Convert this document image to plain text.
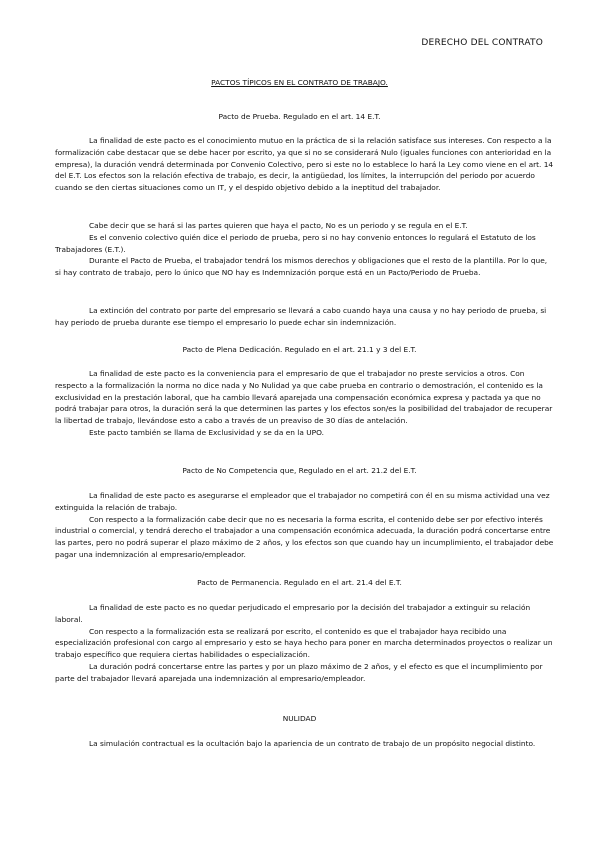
DERECHO DEL CONTRATO
PACTOS TÍPICOS EN EL CONTRATO DE TRABAJO.
Pacto de Prueba. Regulado en el art. 14 E.T.

La finalidad de este pacto es el conocimiento mutuo en la práctica de si la relación satisface sus intereses. Con respecto a la formalización cabe destacar que se debe hacer por escrito, ya que si no se considerará Nulo (iguales funciones con anterioridad en la empresa), la duración vendrá determinada por Convenio Colectivo, pero si este no lo establece lo hará la Ley como viene en el art. 14 del E.T. Los efectos son la relación efectiva de trabajo, es decir, la antigüedad, los límites, la interrupción del periodo por acuerdo cuando se den ciertas situaciones como un IT, y el despido objetivo debido a la ineptitud del trabajador.

Cabe decir que se hará si las partes quieren que haya el pacto, No es un periodo y se regula en el E.T.

Es el convenio colectivo quién dice el periodo de prueba, pero si no hay convenio entonces lo regulará el Estatuto de los Trabajadores (E.T.).

Durante el Pacto de Prueba, el trabajador tendrá los mismos derechos y obligaciones que el resto de la plantilla. Por lo que, si hay contrato de trabajo, pero lo único que NO hay es Indemnización porque está en un Pacto/Periodo de Prueba.

La extinción del contrato por parte del empresario se llevará a cabo cuando haya una causa y no hay periodo de prueba, si hay periodo de prueba durante ese tiempo el empresario lo puede echar sin indemnización.

Pacto de Plena Dedicación. Regulado en el art. 21.1 y 3 del E.T.

La finalidad de este pacto es la conveniencia para el empresario de que el trabajador no preste servicios a otros. Con respecto a la formalización la norma no dice nada y No Nulidad ya que cabe prueba en contrario o demostración, el contenido es la exclusividad en la prestación laboral, que ha cambio llevará aparejada una compensación económica expresa y pactada ya que no podrá trabajar para otros, la duración será la que determinen las partes y los efectos son/es la posibilidad del trabajador de recuperar la libertad de trabajo, llevándose esto a cabo a través de un preaviso de 30 días de antelación.

Este pacto también se llama de Exclusividad y se da en la UPO.

Pacto de No Competencia que, Regulado en el art. 21.2 del E.T.

La finalidad de este pacto es asegurarse el empleador que el trabajador no competirá con él en su misma actividad una vez extinguida la relación de trabajo.

Con respecto a la formalización cabe decir que no es necesaria la forma escrita, el contenido debe ser por efectivo interés industrial o comercial, y tendrá derecho el trabajador a una compensación económica adecuada, la duración podrá concertarse entre las partes, pero no podrá superar el plazo máximo de 2 años, y los efectos son que cuando hay un incumplimiento, el trabajador debe pagar una indemnización al empresario/empleador.

Pacto de Permanencia. Regulado en el art. 21.4 del E.T.

La finalidad de este pacto es no quedar perjudicado el empresario por la decisión del trabajador a extinguir su relación laboral.

Con respecto a la formalización esta se realizará por escrito, el contenido es que el trabajador haya recibido una especialización profesional con cargo al empresario y esto se haya hecho para poner en marcha determinados proyectos o realizar un trabajo específico que requiera ciertas habilidades o especialización.

La duración podrá concertarse entre las partes y por un plazo máximo de 2 años, y el efecto es que el incumplimiento por parte del trabajador llevará aparejada una indemnización al empresario/empleador.

NULIDAD

La simulación contractual es la ocultación bajo la apariencia de un contrato de trabajo de un propósito negocial distinto.
